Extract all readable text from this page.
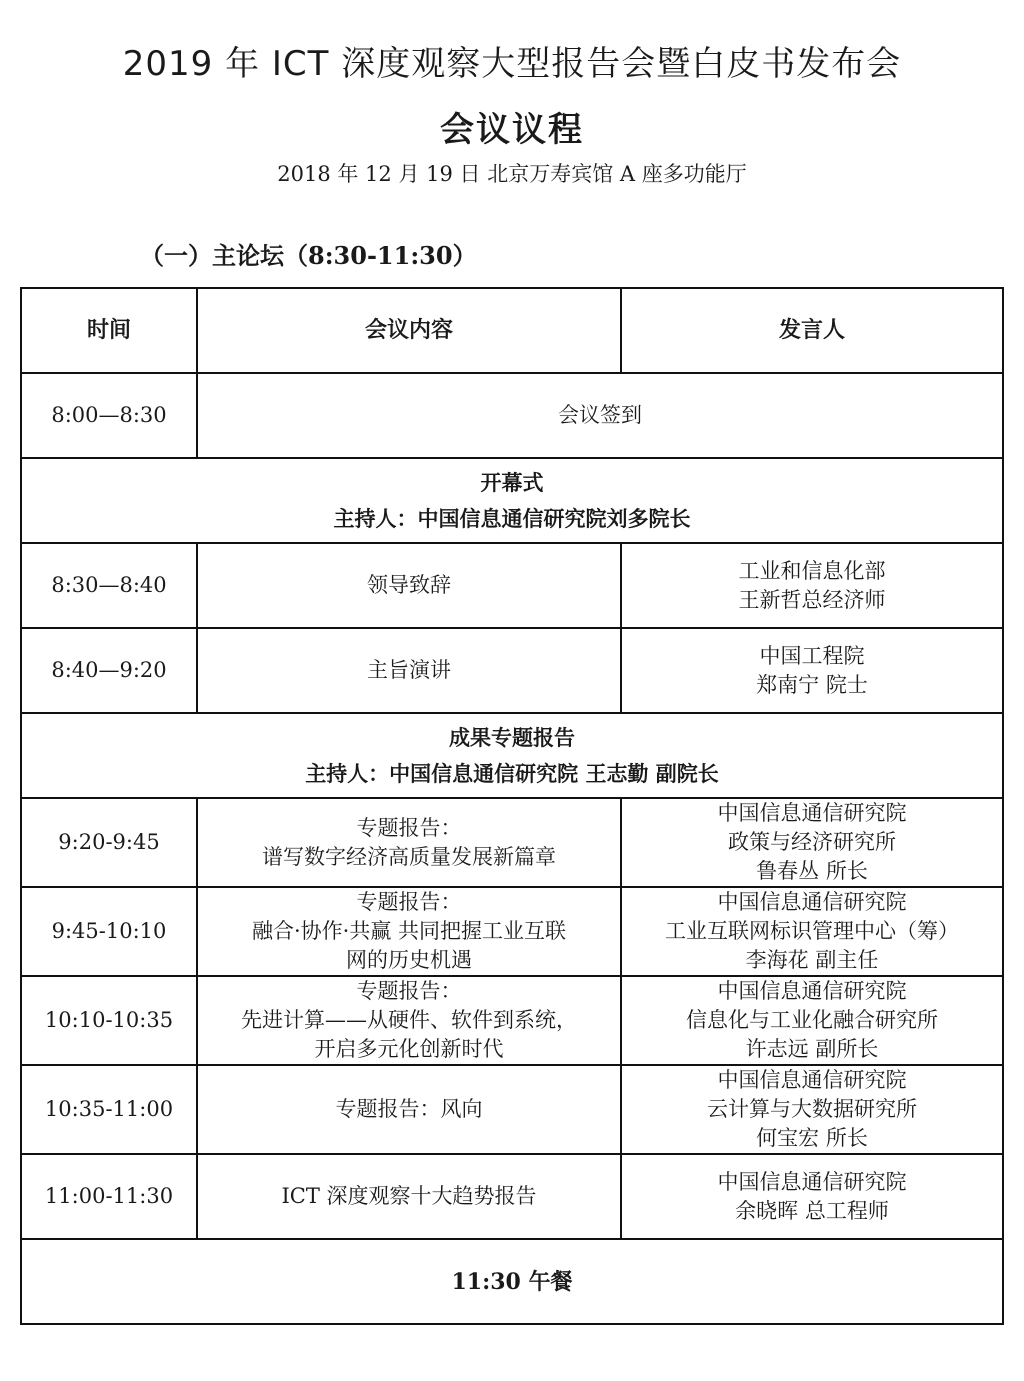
2019 年 ICT 深度观察大型报告会暨白皮书发布会
会议议程
2018 年 12 月 19 日 北京万寿宾馆 A 座多功能厅
（一）主论坛（8:30-11:30）
时间	会议内容	发言人
8:00—8:30	会议签到	

开幕式
主持人：中国信息通信研究院刘多院长		

8:30—8:40	领导致辞	工业和信息化部
王新哲总经济师

8:40—9:20	主旨演讲	中国工程院
郑南宁 院士

成果专题报告
主持人：中国信息通信研究院 王志勤 副院长		

9:20-9:45	专题报告：
谱写数字经济高质量发展新篇章	中国信息通信研究院
政策与经济研究所
鲁春丛 所长

9:45-10:10	专题报告：
融合·协作·共赢 共同把握工业互联
网的历史机遇	中国信息通信研究院
工业互联网标识管理中心（筹）
李海花 副主任

10:10-10:35	专题报告：
先进计算——从硬件、软件到系统，
开启多元化创新时代	中国信息通信研究院
信息化与工业化融合研究所
许志远 副所长

10:35-11:00	专题报告：风向	中国信息通信研究院
云计算与大数据研究所
何宝宏 所长

11:00-11:30	ICT 深度观察十大趋势报告	中国信息通信研究院
余晓晖 总工程师

11:30 午餐		
